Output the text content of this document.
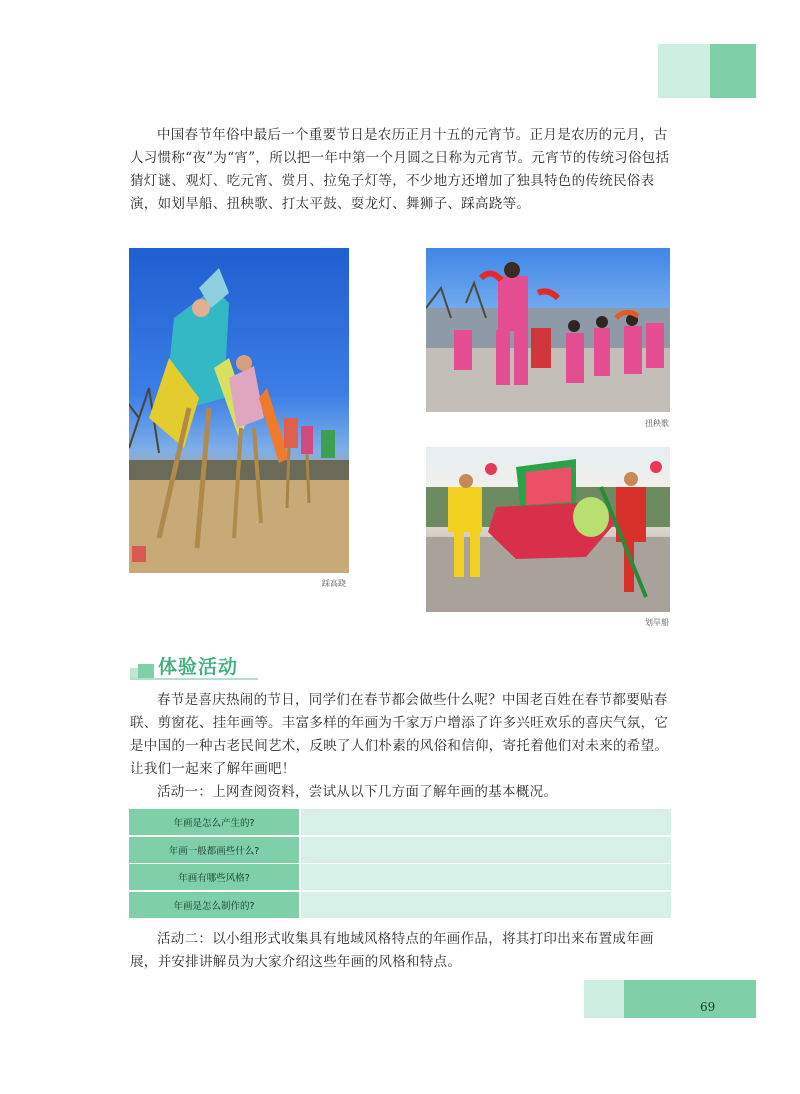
中国春节年俗中最后一个重要节日是农历正月十五的元宵节。正月是农历的元月，古人习惯称“夜”为“宵”，所以把一年中第一个月圆之日称为元宵节。元宵节的传统习俗包括猜灯谜、观灯、吃元宵、赏月、拉兔子灯等，不少地方还增加了独具特色的传统民俗表演，如划旱船、扭秧歌、打太平鼓、耍龙灯、舞狮子、踩高跷等。

踩高跷
扭秧歌
划旱船
体验活动

春节是喜庆热闹的节日，同学们在春节都会做些什么呢？中国老百姓在春节都要贴春联、剪窗花、挂年画等。丰富多样的年画为千家万户增添了许多兴旺欢乐的喜庆气氛，它是中国的一种古老民间艺术，反映了人们朴素的风俗和信仰，寄托着他们对未来的希望。让我们一起来了解年画吧！

活动一：上网查阅资料，尝试从以下几方面了解年画的基本概况。

年画是怎么产生的?
年画一般都画些什么?
年画有哪些风格?
年画是怎么制作的?

活动二：以小组形式收集具有地域风格特点的年画作品，将其打印出来布置成年画展，并安排讲解员为大家介绍这些年画的风格和特点。

69
